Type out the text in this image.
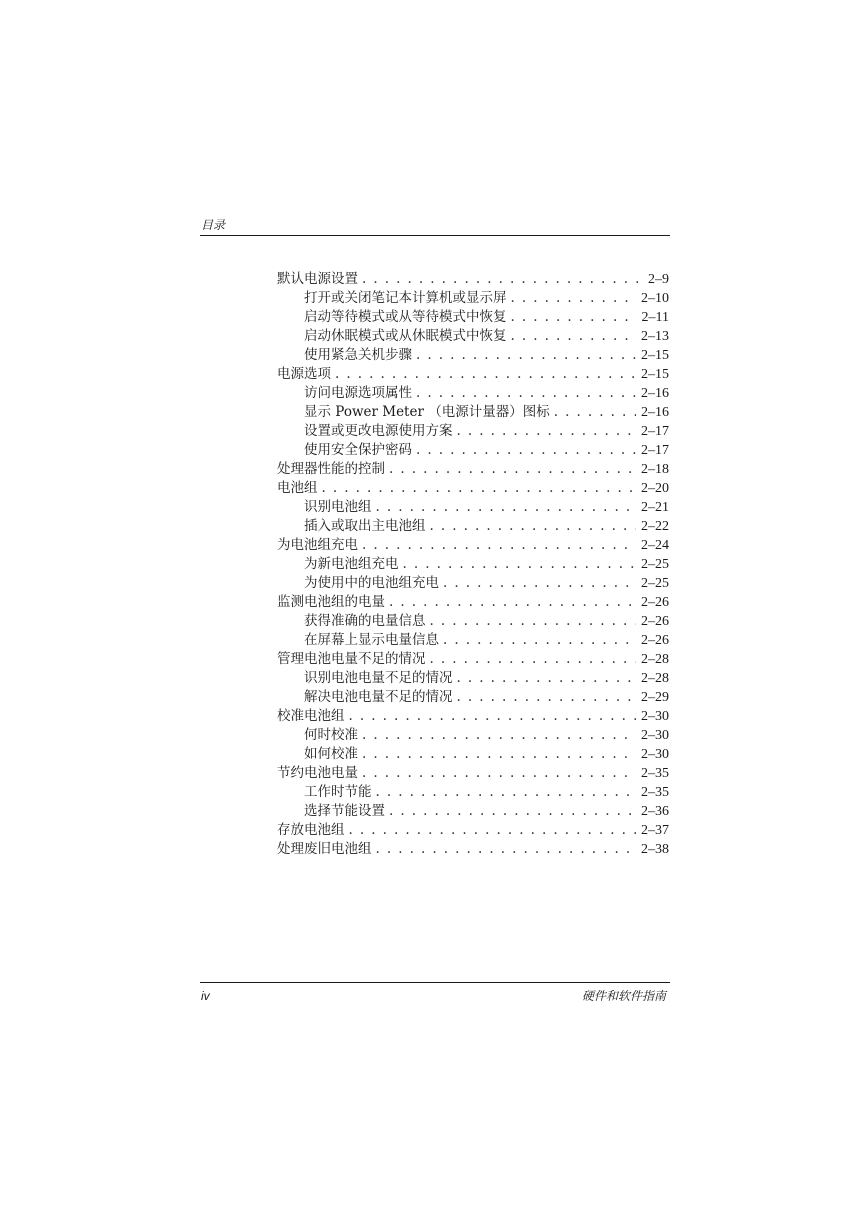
目录
默认电源设置 . . .	2–9
打开或关闭笔记本计算机或显示屏 . . .	2–10
启动等待模式或从等待模式中恢复 . . .	2–11
启动休眠模式或从休眠模式中恢复 . . .	2–13
使用紧急关机步骤 . . .	2–15
电源选项 . . .	2–15
访问电源选项属性 . . .	2–16
显示 Power Meter （电源计量器）图标 . . .	2–16
设置或更改电源使用方案 . . .	2–17
使用安全保护密码 . . .	2–17
处理器性能的控制 . . .	2–18
电池组 . . .	2–20
识别电池组 . . .	2–21
插入或取出主电池组 . . .	2–22
为电池组充电 . . .	2–24
为新电池组充电 . . .	2–25
为使用中的电池组充电 . . .	2–25
监测电池组的电量 . . .	2–26
获得准确的电量信息 . . .	2–26
在屏幕上显示电量信息 . . .	2–26
管理电池电量不足的情况 . . .	2–28
识别电池电量不足的情况 . . .	2–28
解决电池电量不足的情况 . . .	2–29
校准电池组 . . .	2–30
何时校准 . . .	2–30
如何校准 . . .	2–30
节约电池电量 . . .	2–35
工作时节能 . . .	2–35
选择节能设置 . . .	2–36
存放电池组 . . .	2–37
处理废旧电池组 . . .	2–38
iv	硬件和软件指南
